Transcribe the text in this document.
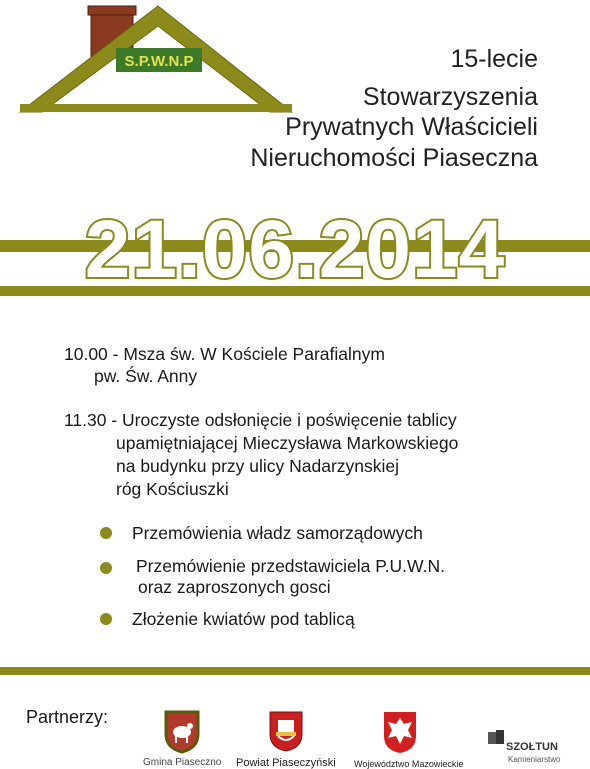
S.P.W.N.P	15-lecie
Stowarzyszenia
Prywatnych Właścicieli
Nieruchomości Piaseczna
21.06.2014
10.00 - Msza św. W Kościele Parafialnym
pw. Św. Anny
11.30 - Uroczyste odsłonięcie i poświęcenie tablicy
upamiętniającej Mieczysława Markowskiego
na budynku przy ulicy Nadarzynskiej
róg Kościuszki
Przemówienia władz samorządowych
Przemówienie przedstawiciela P.U.W.N.
oraz zaproszonych gosci
Złożenie kwiatów pod tablicą
Partnerzy:
Gmina Piaseczno Powiat Piaseczyński Województwo Mazowieckie
SZOŁTUN
Kamieniarstwo
